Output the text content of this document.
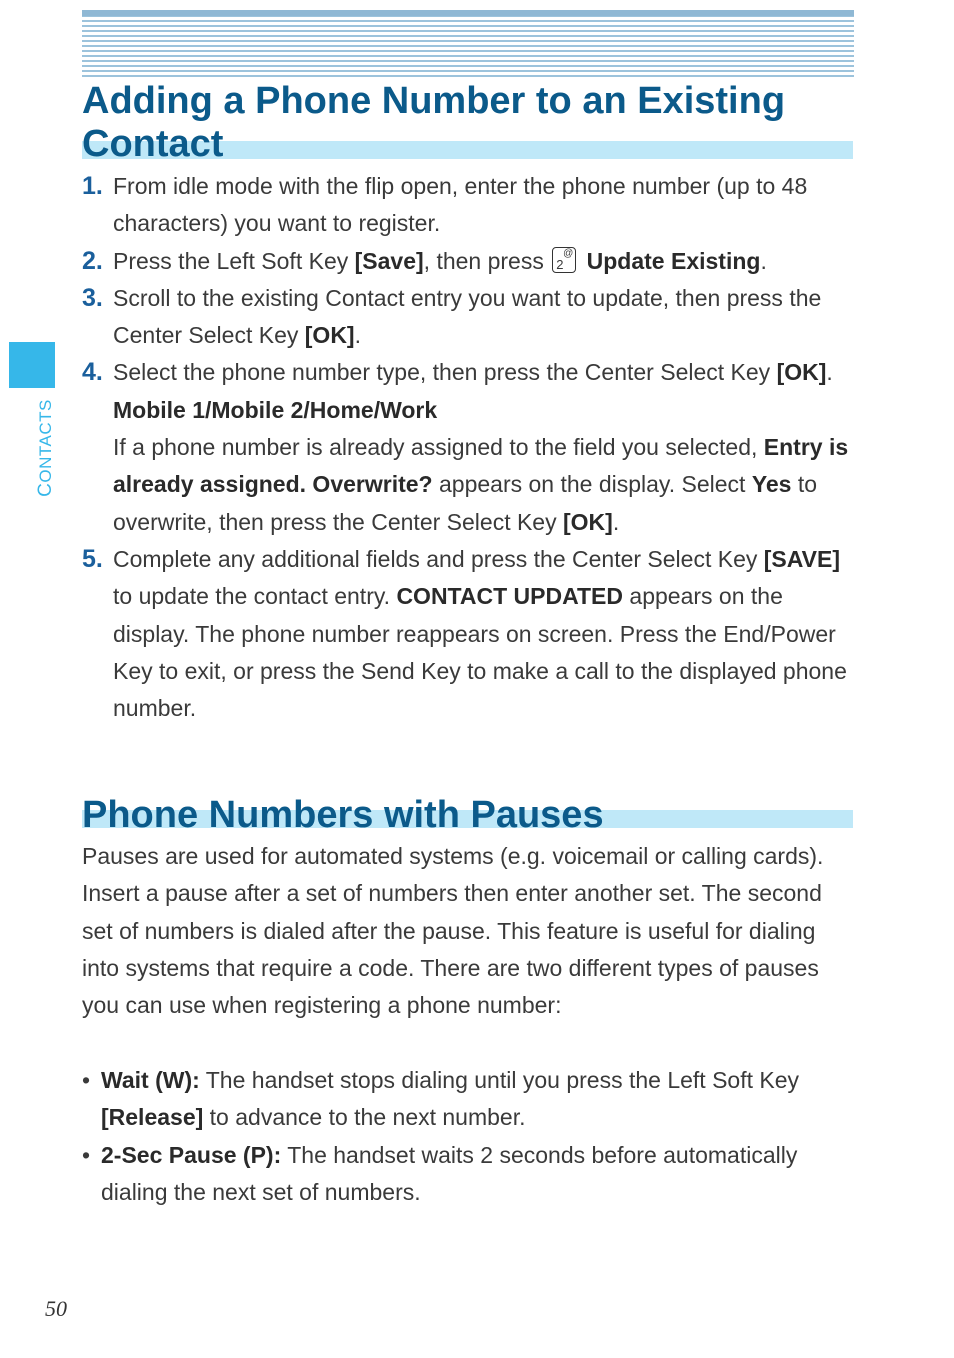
CONTACTS
Adding a Phone Number to an Existing Contact
1. From idle mode with the flip open, enter the phone number (up to 48 characters) you want to register.
2. Press the Left Soft Key [Save], then press @ 2 Update Existing.
3. Scroll to the existing Contact entry you want to update, then press the Center Select Key [OK].
4. Select the phone number type, then press the Center Select Key [OK].
Mobile 1/Mobile 2/Home/Work
If a phone number is already assigned to the field you selected, Entry is already assigned. Overwrite? appears on the display. Select Yes to overwrite, then press the Center Select Key [OK].
5. Complete any additional fields and press the Center Select Key [SAVE] to update the contact entry. CONTACT UPDATED appears on the display. The phone number reappears on screen. Press the End/Power Key to exit, or press the Send Key to make a call to the displayed phone number.
Phone Numbers with Pauses

Pauses are used for automated systems (e.g. voicemail or calling cards). Insert a pause after a set of numbers then enter another set. The second set of numbers is dialed after the pause. This feature is useful for dialing into systems that require a code. There are two different types of pauses you can use when registering a phone number:

• Wait (W): The handset stops dialing until you press the Left Soft Key [Release] to advance to the next number.
• 2-Sec Pause (P): The handset waits 2 seconds before automatically dialing the next set of numbers.
50
